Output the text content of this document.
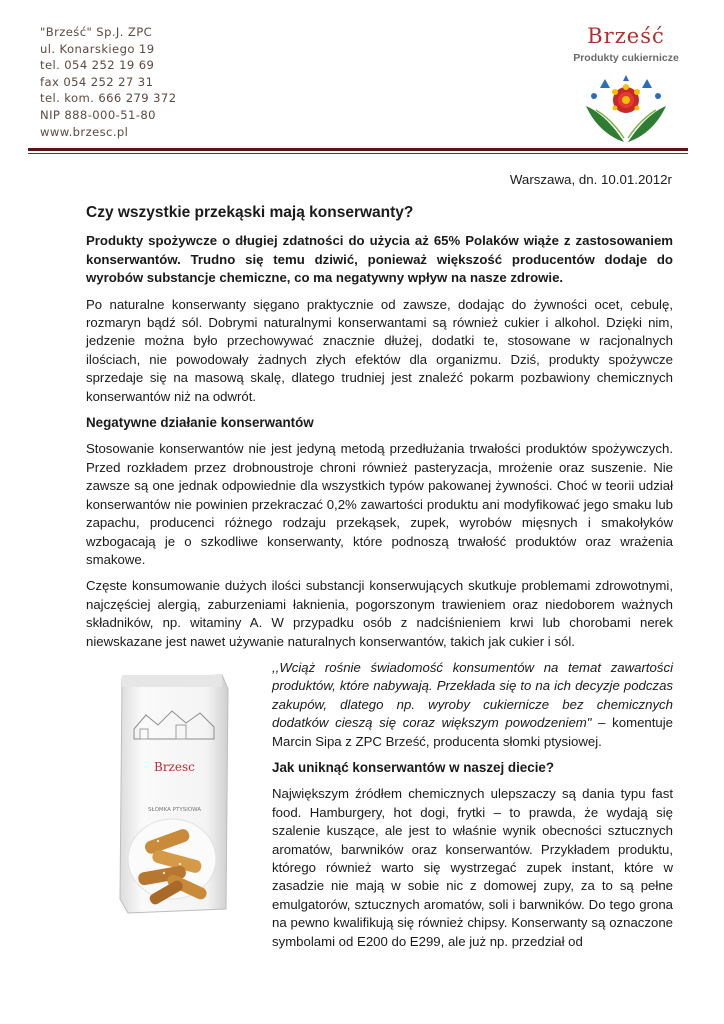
"Brześć" Sp.J. ZPC
ul. Konarskiego 19
tel. 054 252 19 69
fax 054 252 27 31
tel. kom. 666 279 372
NIP 888-000-51-80
www.brzesc.pl
Brześć
Produkty cukiernicze
Warszawa, dn. 10.01.2012r
Czy wszystkie przekąski mają konserwanty?

Produkty spożywcze o długiej zdatności do użycia aż 65% Polaków wiąże z zastosowaniem konserwantów. Trudno się temu dziwić, ponieważ większość producentów dodaje do wyrobów substancje chemiczne, co ma negatywny wpływ na nasze zdrowie.

Po naturalne konserwanty sięgano praktycznie od zawsze, dodając do żywności ocet, cebulę, rozmaryn bądź sól. Dobrymi naturalnymi konserwantami są również cukier i alkohol. Dzięki nim, jedzenie można było przechowywać znacznie dłużej, dodatki te, stosowane w racjonalnych ilościach, nie powodowały żadnych złych efektów dla organizmu. Dziś, produkty spożywcze sprzedaje się na masową skalę, dlatego trudniej jest znaleźć pokarm pozbawiony chemicznych konserwantów niż na odwrót.

Negatywne działanie konserwantów

Stosowanie konserwantów nie jest jedyną metodą przedłużania trwałości produktów spożywczych. Przed rozkładem przez drobnoustroje chroni również pasteryzacja, mrożenie oraz suszenie. Nie zawsze są one jednak odpowiednie dla wszystkich typów pakowanej żywności. Choć w teorii udział konserwantów nie powinien przekraczać 0,2% zawartości produktu ani modyfikować jego smaku lub zapachu, producenci różnego rodzaju przekąsek, zupek, wyrobów mięsnych i smakołyków wzbogacają je o szkodliwe konserwanty, które podnoszą trwałość produktów oraz wrażenia smakowe.

Częste konsumowanie dużych ilości substancji konserwujących skutkuje problemami zdrowotnymi, najczęściej alergią, zaburzeniami łaknienia, pogorszonym trawieniem oraz niedoborem ważnych składników, np. witaminy A. W przypadku osób z nadciśnieniem krwi lub chorobami nerek niewskazane jest nawet używanie naturalnych konserwantów, takich jak cukier i sól.

Brzesc
SŁOMKA PTYSIOWA

,,Wciąż rośnie świadomość konsumentów na temat zawartości produktów, które nabywają. Przekłada się to na ich decyzje podczas zakupów, dlatego np. wyroby cukiernicze bez chemicznych dodatków cieszą się coraz większym powodzeniem" – komentuje Marcin Sipa z ZPC Brześć, producenta słomki ptysiowej.

Jak uniknąć konserwantów w naszej diecie?

Największym źródłem chemicznych ulepszaczy są dania typu fast food. Hamburgery, hot dogi, frytki – to prawda, że wydają się szalenie kuszące, ale jest to właśnie wynik obecności sztucznych aromatów, barwników oraz konserwantów. Przykładem produktu, którego również warto się wystrzegać zupek instant, które w zasadzie nie mają w sobie nic z domowej zupy, za to są pełne emulgatorów, sztucznych aromatów, soli i barwników. Do tego grona na pewno kwalifikują się również chipsy. Konserwanty są oznaczone symbolami od E200 do E299, ale już np. przedział od
